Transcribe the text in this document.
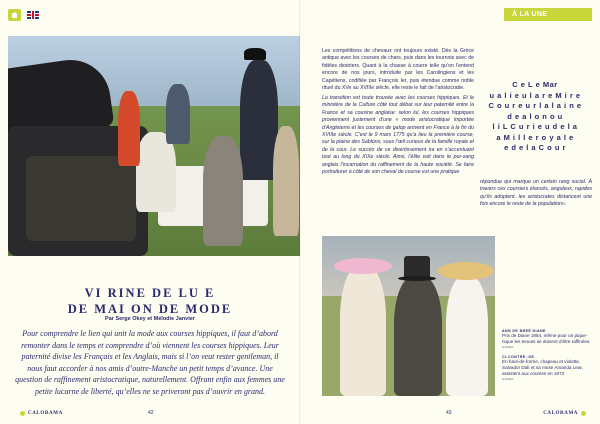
VI RINE DE LU E
DE MAI ON DE MODE
Par Serge Okey et Mélodie Janvier
Pour comprendre le lien qui unit la mode aux courses hippiques, il faut d’abord remonter dans le temps et comprendre d’où viennent les courses hippiques. Leur paternité divise les Français et les Anglais, mais si l’on veut rester gentleman, il nous faut accorder à nos amis d’outre-Manche un petit temps d’avance. Une question de raffinement aristocratique, naturellement. Offrant enfin aux femmes une petite lucarne de liberté, qu’elles ne se priveront pas d’ouvrir en grand.
CALORAMA	42
À LA UNE

Les compétitions de chevaux ont toujours existé. Dès la Grèce antique avec les courses de chars, puis dans les tournois avec de fidèles destriers. Quant à la chasse à courre telle qu’on l’entend encore de nos jours, introduite par les Carolingiens et les Capétiens, codifiée par François Ier, puis étendue comme noble rituel du XVe au XVIIIe siècle, elle reste le fait de l’aristocratie.

La transition est toute trouvée avec les courses hippiques. Et le ministère de la Culture côté tout débat sur leur paternité entre la France et sa cousine anglaise: selon lui, les courses hippiques proviennent justement d’une « mode aristocratique importée d’Angleterre et les courses de galop arrivent en France à la fin du XVIIIe siècle. C’est le 9 mars 1775 qu’a lieu la première course, sur la plaine des Sablons, sous l’œil curieux de la famille royale et de la cour. Le succès de ce divertissement ira en s’accentuant tout au long du XIXe siècle. Ainsi, l’élite voit dans le pur-sang anglais l’incarnation du raffinement de la haute société. Se faire portraiturer à côté de son cheval de course est une pratique

C e L e Mar
u a l i e u l a r e M i r e
C o u r e u r l a l a i n e
d e a l o n o u
l i L C u r i e u d e l a
a M i l l e r o y a l e
e d e l a C o u r
répondue qui marque un certain rang social. À travers ces coursiers élancés, anguleux, rapides qu’ils adoptent, les aristocrates distancent une fois encore le reste de la population».
ANN DE BREÉ DIANE
Prix de Diane 1984, même pour un pique-nique les tenues se doivent d’être raffinées.
GAMMA
CI-CONTRE: DE
En haut-de-forme, chapeau et violette, Salvador Dalí et sa muse Amanda Lear, assistent aux courses en 1973
GAMMA
43	CALORAMA
